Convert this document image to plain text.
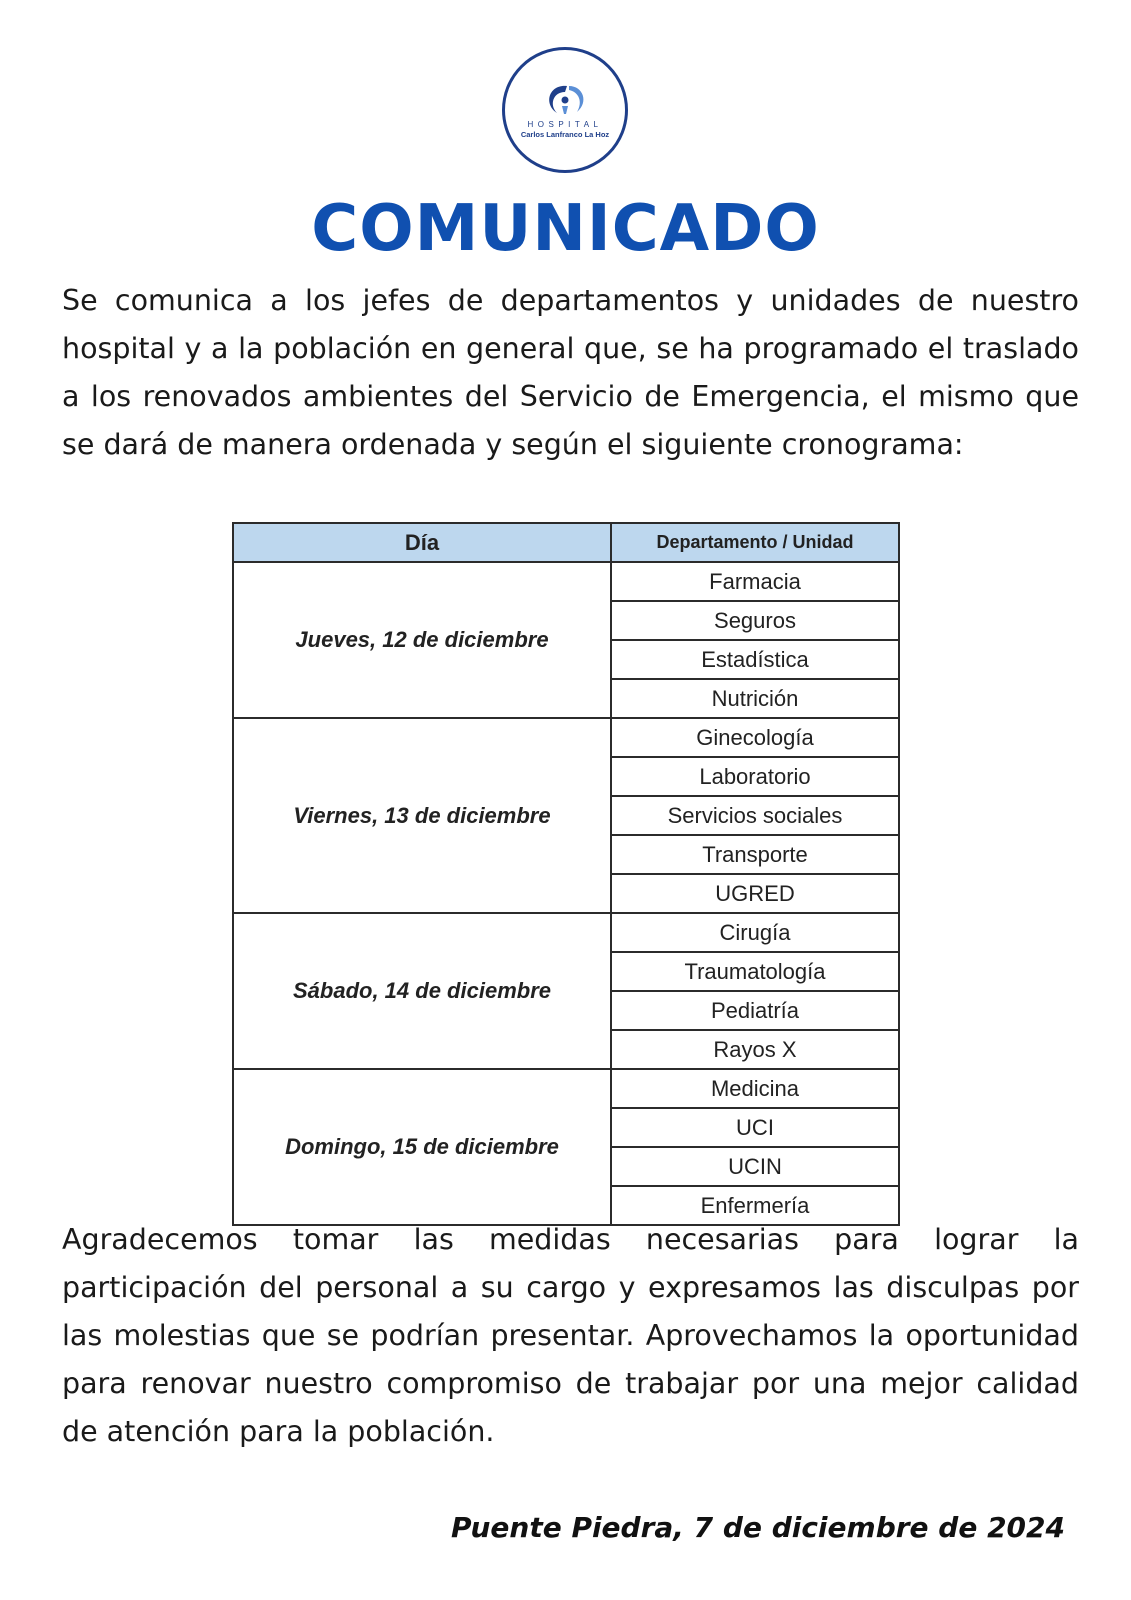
HOSPITAL
Carlos Lanfranco La Hoz
COMUNICADO

Se comunica a los jefes de departamentos y unidades de nuestro hospital y a la población en general que, se ha programado el traslado a los renovados ambientes del Servicio de Emergencia, el mismo que se dará de manera ordenada y según el siguiente cronograma:

Día	Departamento / Unidad
Jueves, 12 de diciembre	Farmacia
	Seguros
	Estadística
	Nutrición
Viernes, 13 de diciembre	Ginecología
	Laboratorio
	Servicios sociales
	Transporte
	UGRED
Sábado, 14 de diciembre	Cirugía
	Traumatología
	Pediatría
	Rayos X
Domingo, 15 de diciembre	Medicina
	UCI
	UCIN
	Enfermería

Agradecemos tomar las medidas necesarias para lograr la participación del personal a su cargo y expresamos las disculpas por las molestias que se podrían presentar. Aprovechamos la oportunidad para renovar nuestro compromiso de trabajar por una mejor calidad de atención para la población.

Puente Piedra, 7 de diciembre de 2024
